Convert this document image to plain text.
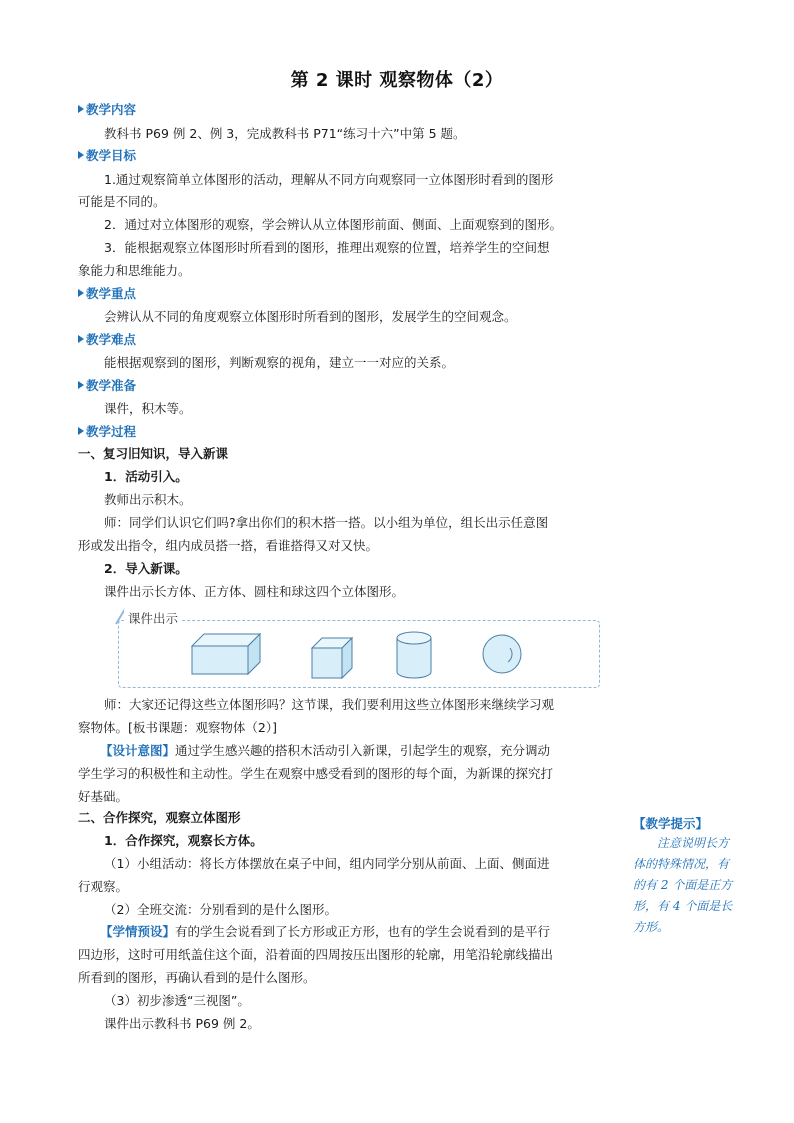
第 2 课时 观察物体（2）
教学内容
教科书 P69 例 2、例 3，完成教科书 P71“练习十六”中第 5 题。
教学目标
1.通过观察简单立体图形的活动，理解从不同方向观察同一立体图形时看到的图形
可能是不同的。
2．通过对立体图形的观察，学会辨认从立体图形前面、侧面、上面观察到的图形。
3．能根据观察立体图形时所看到的图形，推理出观察的位置，培养学生的空间想
象能力和思维能力。
教学重点
会辨认从不同的角度观察立体图形时所看到的图形，发展学生的空间观念。
教学难点
能根据观察到的图形，判断观察的视角，建立一一对应的关系。
教学准备
课件，积木等。
教学过程
一、复习旧知识，导入新课
1．活动引入。
教师出示积木。
师：同学们认识它们吗?拿出你们的积木搭一搭。以小组为单位，组长出示任意图
形或发出指令，组内成员搭一搭，看谁搭得又对又快。
2．导入新课。
课件出示长方体、正方体、圆柱和球这四个立体图形。
课件出示
师：大家还记得这些立体图形吗？这节课，我们要利用这些立体图形来继续学习观
察物体。[板书课题：观察物体（2）]
【设计意图】通过学生感兴趣的搭积木活动引入新课，引起学生的观察，充分调动
学生学习的积极性和主动性。学生在观察中感受看到的图形的每个面，为新课的探究打
好基础。
二、合作探究，观察立体图形
1．合作探究，观察长方体。
（1）小组活动：将长方体摆放在桌子中间，组内同学分别从前面、上面、侧面进
行观察。
（2）全班交流：分别看到的是什么图形。
【学情预设】有的学生会说看到了长方形或正方形，也有的学生会说看到的是平行
四边形，这时可用纸盖住这个面，沿着面的四周按压出图形的轮廓，用笔沿轮廓线描出
所看到的图形，再确认看到的是什么图形。
（3）初步渗透“三视图”。
课件出示教科书 P69 例 2。
【教学提示】
注意说明长方
体的特殊情况，有
的有 2 个面是正方
形，有 4 个面是长
方形。
